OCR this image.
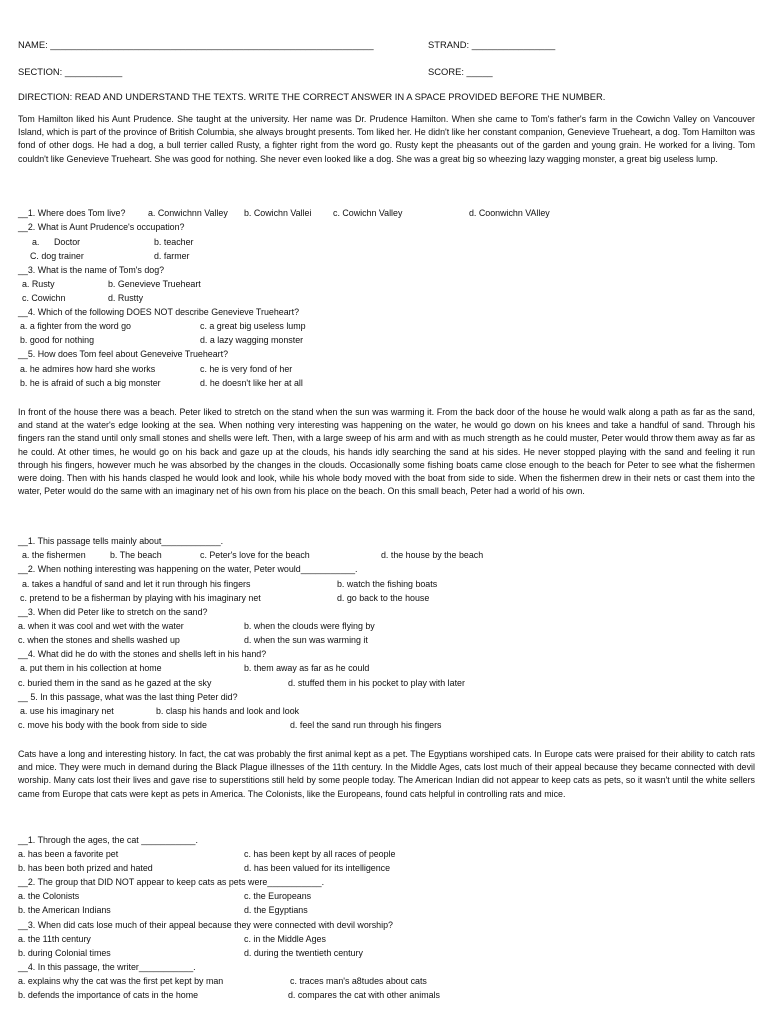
NAME: ______________________________________________________________	STRAND: ________________
SECTION: ___________	SCORE: _____
DIRECTION: READ AND UNDERSTAND THE TEXTS. WRITE THE CORRECT ANSWER IN A SPACE PROVIDED BEFORE THE NUMBER.
Tom Hamilton liked his Aunt Prudence. She taught at the university. Her name was Dr. Prudence Hamilton. When she came to Tom's father's farm in the Cowichn Valley on Vancouver Island, which is part of the province of British Columbia, she always brought presents. Tom liked her. He didn't like her constant companion, Genevieve Trueheart, a dog. Tom Hamilton was fond of other dogs. He had a dog, a bull terrier called Rusty, a fighter right from the word go. Rusty kept the pheasants out of the garden and young grain. He worked for a living. Tom couldn't like Genevieve Trueheart. She was good for nothing. She never even looked like a dog. She was a great big so wheezing lazy wagging monster, a great big useless lump.
__1. Where does Tom live?	a. Conwichnn Valley b. Cowichn Vallei c. Cowichn Valley	d. Coonwichn VAlley
__2. What is Aunt Prudence's occupation?
a. Doctor	b. teacher
C. dog trainer	d. farmer
__3. What is the name of Tom's dog?
a. Rusty	b. Genevieve Trueheart
c. Cowichn	d. Rustty
__4. Which of the following DOES NOT describe Genevieve Trueheart?
a. a fighter from the word go	c. a great big useless lump
b. good for nothing	d. a lazy wagging monster
__5. How does Tom feel about Geneveive Trueheart?
a. he admires how hard she works	c. he is very fond of her
b. he is afraid of such a big monster	d. he doesn't like her at all
In front of the house there was a beach. Peter liked to stretch on the stand when the sun was warming it. From the back door of the house he would walk along a path as far as the sand, and stand at the water's edge looking at the sea. When nothing very interesting was happening on the water, he would go down on his knees and take a handful of sand. Through his fingers ran the stand until only small stones and shells were left. Then, with a large sweep of his arm and with as much strength as he could muster, Peter would throw them away as far as he could. At other times, he would go on his back and gaze up at the clouds, his hands idly searching the sand at his sides. He never stopped playing with the sand and feeling it run through his fingers, however much he was absorbed by the changes in the clouds. Occasionally some fishing boats came close enough to the beach for Peter to see what the fishermen were doing. Then with his hands clasped he would look and look, while his whole body moved with the boat from side to side. When the fishermen drew in their nets or cast them into the water, Peter would do the same with an imaginary net of his own from his place on the beach. On this small beach, Peter had a world of his own.
__1. This passage tells mainly about____________.
a. the fishermen	b. The beach	c. Peter's love for the beach	d. the house by the beach
__2. When nothing interesting was happening on the water, Peter would___________.
a. takes a handful of sand and let it run through his fingers	b. watch the fishing boats
c. pretend to be a fisherman by playing with his imaginary net	d. go back to the house
__3. When did Peter like to stretch on the sand?
a. when it was cool and wet with the water	b. when the clouds were flying by
c. when the stones and shells washed up	d. when the sun was warming it
__4. What did he do with the stones and shells left in his hand?
a. put them in his collection at home	b. them away as far as he could
c. buried them in the sand as he gazed at the sky	d. stuffed them in his pocket to play with later
__ 5. In this passage, what was the last thing Peter did?
a. use his imaginary net	b. clasp his hands and look and look
c. move his body with the book from side to side	d. feel the sand run through his fingers
Cats have a long and interesting history. In fact, the cat was probably the first animal kept as a pet. The Egyptians worshiped cats. In Europe cats were praised for their ability to catch rats and mice. They were much in demand during the Black Plague illnesses of the 11th century. In the Middle Ages, cats lost much of their appeal because they became connected with devil worship. Many cats lost their lives and gave rise to superstitions still held by some people today. The American Indian did not appear to keep cats as pets, so it wasn't until the white sellers came from Europe that cats were kept as pets in America. The Colonists, like the Europeans, found cats helpful in controlling rats and mice.
__1. Through the ages, the cat ___________.
a. has been a favorite pet	c. has been kept by all races of people
b. has been both prized and hated	d. has been valued for its intelligence
__2. The group that DID NOT appear to keep cats as pets were___________.
a. the Colonists	c. the Europeans
b. the American Indians	d. the Egyptians
__3. When did cats lose much of their appeal because they were connected with devil worship?
a. the 11th century	c. in the Middle Ages
b. during Colonial times	d. during the twentieth century
__4. In this passage, the writer___________.
a. explains why the cat was the first pet kept by man	c. traces man's a8tudes about cats
b. defends the importance of cats in the home	d. compares the cat with other animals
